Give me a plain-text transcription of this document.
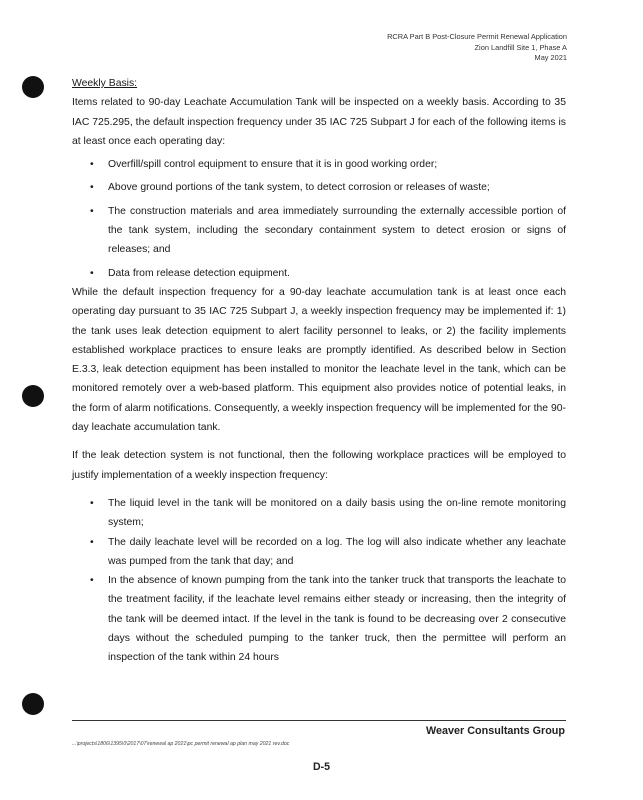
RCRA Part B Post-Closure Permit Renewal Application
Zion Landfill Site 1, Phase A
May 2021

Weekly Basis:

Items related to 90-day Leachate Accumulation Tank will be inspected on a weekly basis. According to 35 IAC 725.295, the default inspection frequency under 35 IAC 725 Subpart J for each of the following items is at least once each operating day:

• Overfill/spill control equipment to ensure that it is in good working order;
• Above ground portions of the tank system, to detect corrosion or releases of waste;
• The construction materials and area immediately surrounding the externally accessible portion of the tank system, including the secondary containment system to detect erosion or signs of releases; and
• Data from release detection equipment.

While the default inspection frequency for a 90-day leachate accumulation tank is at least once each operating day pursuant to 35 IAC 725 Subpart J, a weekly inspection frequency may be implemented if: 1) the tank uses leak detection equipment to alert facility personnel to leaks, or 2) the facility implements established workplace practices to ensure leaks are promptly identified. As described below in Section E.3.3, leak detection equipment has been installed to monitor the leachate level in the tank, which can be monitored remotely over a web-based platform. This equipment also provides notice of potential leaks, in the form of alarm notifications. Consequently, a weekly inspection frequency will be implemented for the 90-day leachate accumulation tank.

If the leak detection system is not functional, then the following workplace practices will be employed to justify implementation of a weekly inspection frequency:

• The liquid level in the tank will be monitored on a daily basis using the on-line remote monitoring system;
• The daily leachate level will be recorded on a log. The log will also indicate whether any leachate was pumped from the tank that day; and
• In the absence of known pumping from the tank into the tanker truck that transports the leachate to the treatment facility, if the leachate level remains either steady or increasing, then the integrity of the tank will be deemed intact. If the level in the tank is found to be decreasing over 2 consecutive days without the scheduled pumping to the tanker truck, then the permittee will perform an inspection of the tank within 24 hours
Weaver Consultants Group
...\projects\1806\1395\0\2017\07\renewal ap 2021\pc permit renewal ap plan may 2021 rev.doc
D-5
